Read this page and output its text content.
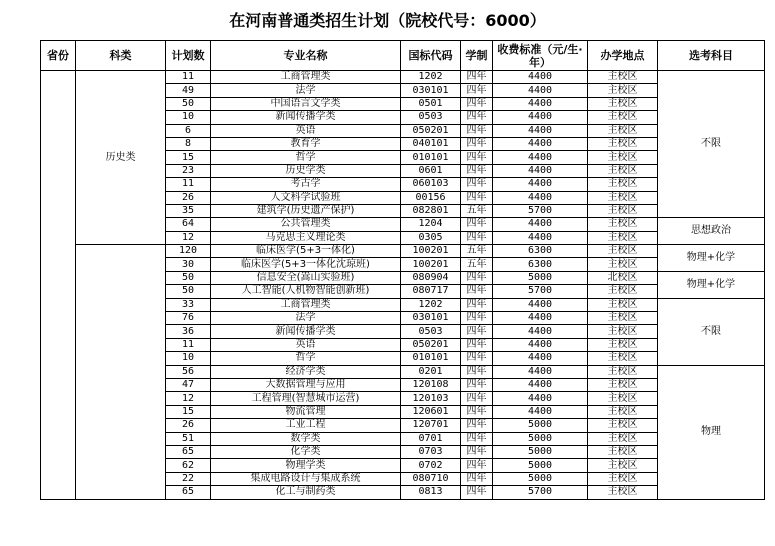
在河南普通类招生计划（院校代号：6000）
省份	科类	计划数	专业名称	国标代码	学制	收费标准（元/生·年）	办学地点	选考科目
	历史类	11	工商管理类	1202	四年	4400	主校区	不限
		49	法学	030101	四年	4400	主校区	
		50	中国语言文学类	0501	四年	4400	主校区	
		10	新闻传播学类	0503	四年	4400	主校区	
		6	英语	050201	四年	4400	主校区	
		8	教育学	040101	四年	4400	主校区	
		15	哲学	010101	四年	4400	主校区	
		23	历史学类	0601	四年	4400	主校区	
		11	考古学	060103	四年	4400	主校区	
		26	人文科学试验班	00156	四年	4400	主校区	
		35	建筑学(历史遗产保护)	082801	五年	5700	主校区	
		64	公共管理类	1204	四年	4400	主校区	思想政治
		12	马克思主义理论类	0305	四年	4400	主校区	
		120	临床医学(5+3一体化)	100201	五年	6300	主校区	物理+化学
		30	临床医学(5+3一体化沈琼班)	100201	五年	6300	主校区	
		50	信息安全(嵩山实验班)	080904	四年	5000	北校区	物理+化学
		50	人工智能(人机物智能创新班)	080717	四年	5700	主校区	
		33	工商管理类	1202	四年	4400	主校区	不限
		76	法学	030101	四年	4400	主校区	
		36	新闻传播学类	0503	四年	4400	主校区	
		11	英语	050201	四年	4400	主校区	
		10	哲学	010101	四年	4400	主校区	
		56	经济学类	0201	四年	4400	主校区	物理
		47	大数据管理与应用	120108	四年	4400	主校区	
		12	工程管理(智慧城市运营)	120103	四年	4400	主校区	
		15	物流管理	120601	四年	4400	主校区	
		26	工业工程	120701	四年	5000	主校区	
		51	数学类	0701	四年	5000	主校区	
		65	化学类	0703	四年	5000	主校区	
		62	物理学类	0702	四年	5000	主校区	
		22	集成电路设计与集成系统	080710	四年	5000	主校区	
		65	化工与制药类	0813	四年	5700	主校区	
